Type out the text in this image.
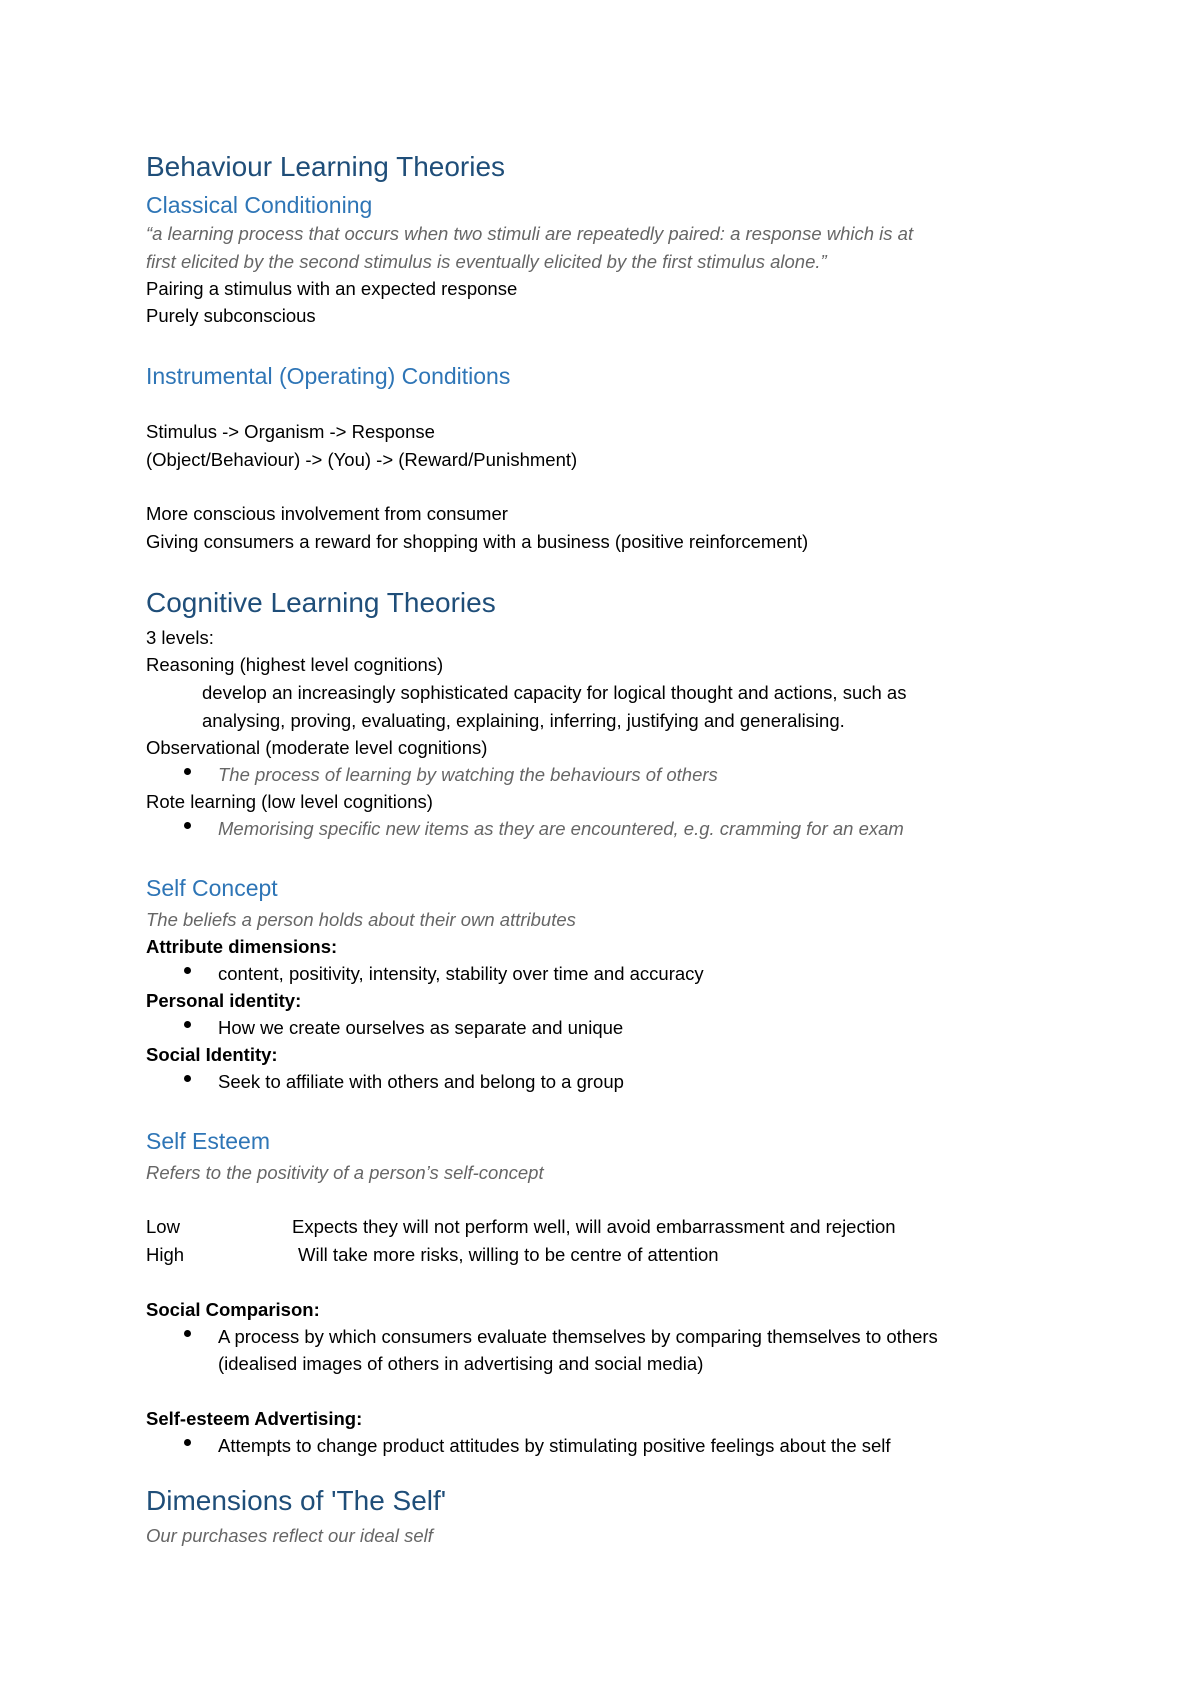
Behaviour Learning Theories
Classical Conditioning
“a learning process that occurs when two stimuli are repeatedly paired: a response which is at
first elicited by the second stimulus is eventually elicited by the first stimulus alone.”
Pairing a stimulus with an expected response
Purely subconscious
Instrumental (Operating) Conditions
Stimulus -> Organism -> Response
(Object/Behaviour) -> (You) -> (Reward/Punishment)
More conscious involvement from consumer
Giving consumers a reward for shopping with a business (positive reinforcement)
Cognitive Learning Theories
3 levels:
Reasoning (highest level cognitions)
develop an increasingly sophisticated capacity for logical thought and actions, such as
analysing, proving, evaluating, explaining, inferring, justifying and generalising.
Observational (moderate level cognitions)
The process of learning by watching the behaviours of others
Rote learning (low level cognitions)
Memorising specific new items as they are encountered, e.g. cramming for an exam
Self Concept
The beliefs a person holds about their own attributes
Attribute dimensions:
content, positivity, intensity, stability over time and accuracy
Personal identity:
How we create ourselves as separate and unique
Social Identity:
Seek to affiliate with others and belong to a group
Self Esteem
Refers to the positivity of a person’s self-concept
Low	Expects they will not perform well, will avoid embarrassment and rejection
High	Will take more risks, willing to be centre of attention
Social Comparison:
A process by which consumers evaluate themselves by comparing themselves to others
(idealised images of others in advertising and social media)
Self-esteem Advertising:
Attempts to change product attitudes by stimulating positive feelings about the self
Dimensions of 'The Self'
Our purchases reflect our ideal self
